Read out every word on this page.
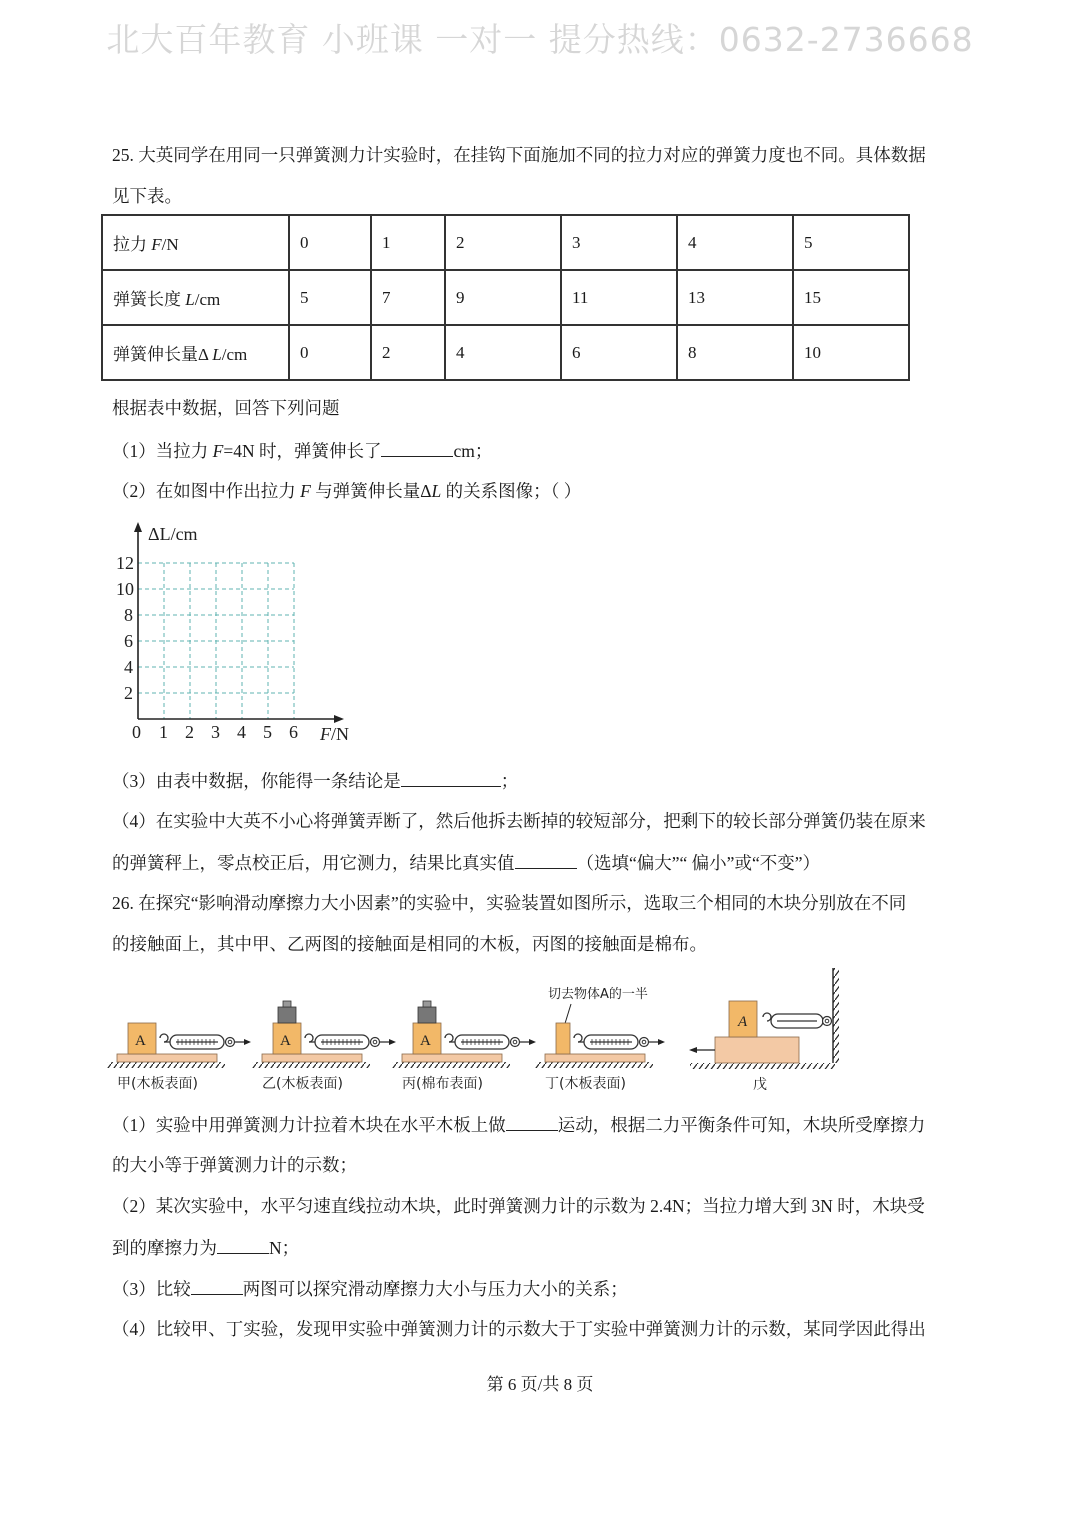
北大百年教育 小班课 一对一 提分热线：0632-2736668
25. 大英同学在用同一只弹簧测力计实验时，在挂钩下面施加不同的拉力对应的弹簧力度也不同。具体数据
见下表。
拉力 F/N	0	1	2	3	4	5
弹簧长度 L/cm	5	7	9	11	13	15
弹簧伸长量Δ L/cm	0	2	4	6	8	10
根据表中数据，回答下列问题
（1）当拉力 F=4N 时，弹簧伸长了	cm；
（2）在如图中作出拉力 F 与弹簧伸长量ΔL 的关系图像；（ ）
ΔL/cm
12
10
8
6
4
2
0 1 2 3 4 5 6 F /N
（3）由表中数据，你能得一条结论是	；
（4）在实验中大英不小心将弹簧弄断了，然后他拆去断掉的较短部分，把剩下的较长部分弹簧仍装在原来
的弹簧秤上，零点校正后，用它测力，结果比真实值	（选填“偏大”“ 偏小”或“不变”）
26. 在探究“影响滑动摩擦力大小因素”的实验中，实验装置如图所示，选取三个相同的木块分别放在不同
的接触面上，其中甲、乙两图的接触面是相同的木板，丙图的接触面是棉布。
A
甲(木板表面)
A
乙(木板表面)
A
丙(棉布表面)
切去物体A的一半
丁(木板表面)
A
戊
（1）实验中用弹簧测力计拉着木块在水平木板上做	运动，根据二力平衡条件可知，木块所受摩擦力
的大小等于弹簧测力计的示数；
（2）某次实验中，水平匀速直线拉动木块，此时弹簧测力计的示数为 2.4N；当拉力增大到 3N 时，木块受
到的摩擦力为	N；
（3）比较	两图可以探究滑动摩擦力大小与压力大小的关系；
（4）比较甲、丁实验，发现甲实验中弹簧测力计的示数大于丁实验中弹簧测力计的示数，某同学因此得出
第 6 页/共 8 页
